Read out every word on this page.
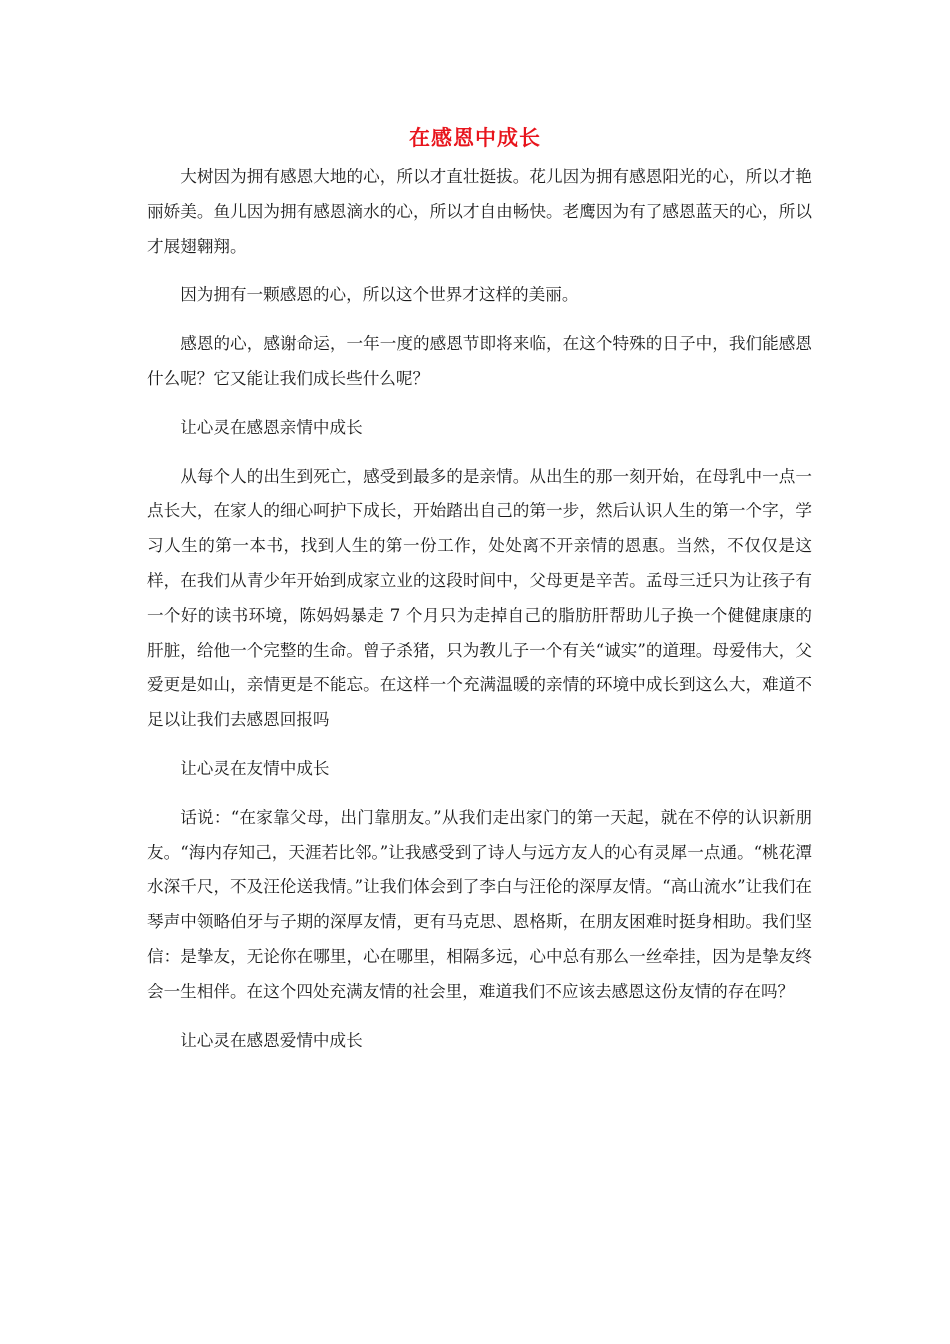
在感恩中成长

大树因为拥有感恩大地的心，所以才直壮挺拔。花儿因为拥有感恩阳光的心，所以才艳丽娇美。鱼儿因为拥有感恩滴水的心，所以才自由畅快。老鹰因为有了感恩蓝天的心，所以才展翅翱翔。

因为拥有一颗感恩的心，所以这个世界才这样的美丽。

感恩的心，感谢命运，一年一度的感恩节即将来临，在这个特殊的日子中，我们能感恩什么呢？它又能让我们成长些什么呢？

让心灵在感恩亲情中成长

从每个人的出生到死亡，感受到最多的是亲情。从出生的那一刻开始，在母乳中一点一点长大，在家人的细心呵护下成长，开始踏出自己的第一步，然后认识人生的第一个字，学习人生的第一本书，找到人生的第一份工作，处处离不开亲情的恩惠。当然，不仅仅是这样，在我们从青少年开始到成家立业的这段时间中，父母更是辛苦。孟母三迁只为让孩子有一个好的读书环境，陈妈妈暴走 7 个月只为走掉自己的脂肪肝帮助儿子换一个健健康康的肝脏，给他一个完整的生命。曾子杀猪，只为教儿子一个有关“诚实”的道理。母爱伟大，父爱更是如山，亲情更是不能忘。在这样一个充满温暖的亲情的环境中成长到这么大，难道不足以让我们去感恩回报吗

让心灵在友情中成长

话说：“在家靠父母，出门靠朋友。”从我们走出家门的第一天起，就在不停的认识新朋友。“海内存知己，天涯若比邻。”让我感受到了诗人与远方友人的心有灵犀一点通。“桃花潭水深千尺，不及汪伦送我情。”让我们体会到了李白与汪伦的深厚友情。“高山流水”让我们在琴声中领略伯牙与子期的深厚友情，更有马克思、恩格斯，在朋友困难时挺身相助。我们坚信：是挚友，无论你在哪里，心在哪里，相隔多远，心中总有那么一丝牵挂，因为是挚友终会一生相伴。在这个四处充满友情的社会里，难道我们不应该去感恩这份友情的存在吗？

让心灵在感恩爱情中成长
